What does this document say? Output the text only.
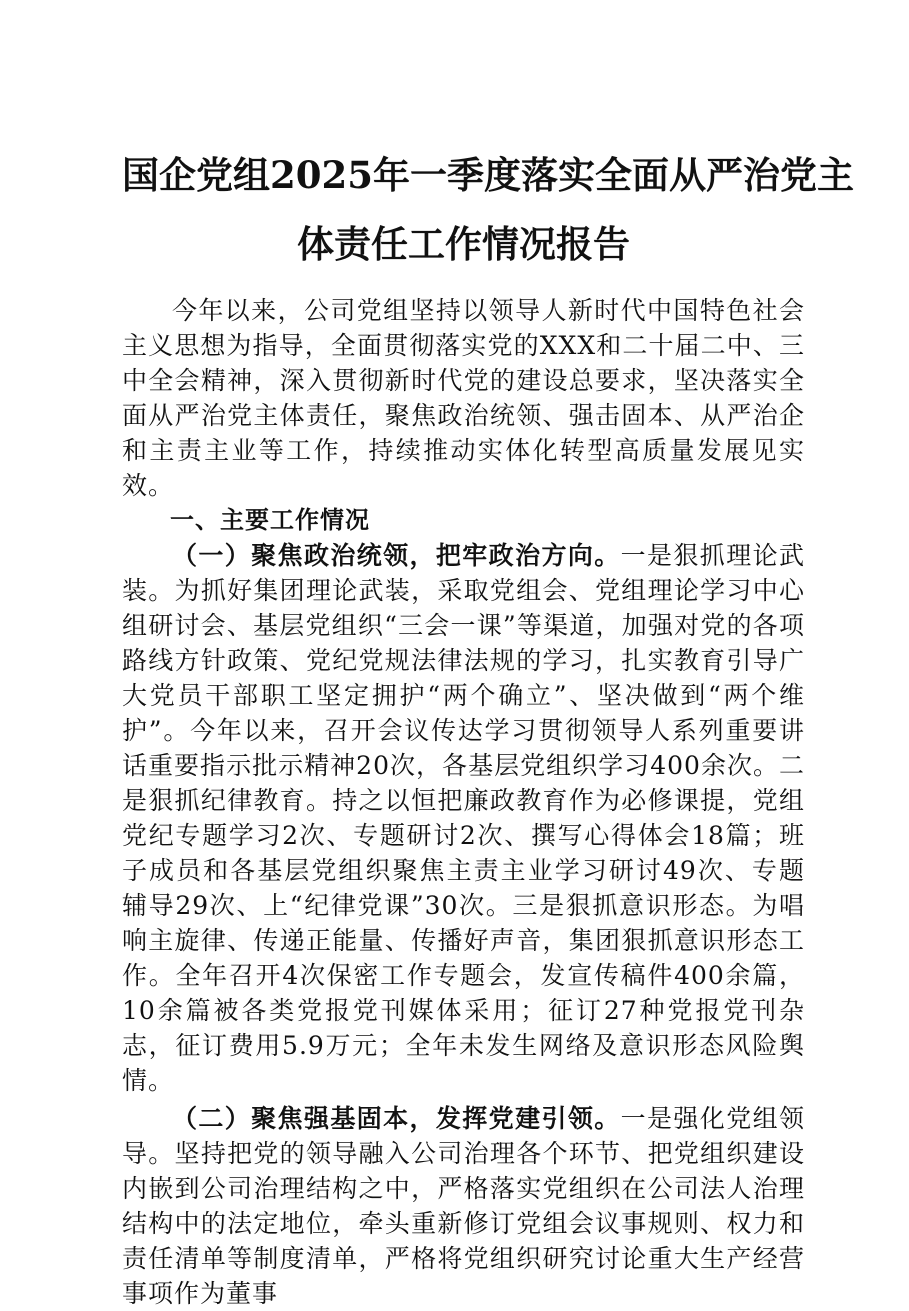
国企党组2025年一季度落实全面从严治党主
体责任工作情况报告

今年以来，公司党组坚持以领导人新时代中国特色社会主义思想为指导，全面贯彻落实党的XXX和二十届二中、三中全会精神，深入贯彻新时代党的建设总要求，坚决落实全面从严治党主体责任，聚焦政治统领、强击固本、从严治企和主责主业等工作，持续推动实体化转型高质量发展见实效。

一、主要工作情况

（一）聚焦政治统领，把牢政治方向。一是狠抓理论武装。为抓好集团理论武装，采取党组会、党组理论学习中心组研讨会、基层党组织“三会一课”等渠道，加强对党的各项路线方针政策、党纪党规法律法规的学习，扎实教育引导广大党员干部职工坚定拥护“两个确立”、坚决做到“两个维护”。今年以来，召开会议传达学习贯彻领导人系列重要讲话重要指示批示精神20次，各基层党组织学习400余次。二是狠抓纪律教育。持之以恒把廉政教育作为必修课提，党组党纪专题学习2次、专题研讨2次、撰写心得体会18篇；班子成员和各基层党组织聚焦主责主业学习研讨49次、专题辅导29次、上“纪律党课”30次。三是狠抓意识形态。为唱响主旋律、传递正能量、传播好声音，集团狠抓意识形态工作。全年召开4次保密工作专题会，发宣传稿件400余篇，10余篇被各类党报党刊媒体采用；征订27种党报党刊杂志，征订费用5.9万元；全年未发生网络及意识形态风险舆情。

（二）聚焦强基固本，发挥党建引领。一是强化党组领导。坚持把党的领导融入公司治理各个环节、把党组织建设内嵌到公司治理结构之中，严格落实党组织在公司法人治理结构中的法定地位，牵头重新修订党组会议事规则、权力和责任清单等制度清单，严格将党组织研究讨论重大生产经营事项作为董事
